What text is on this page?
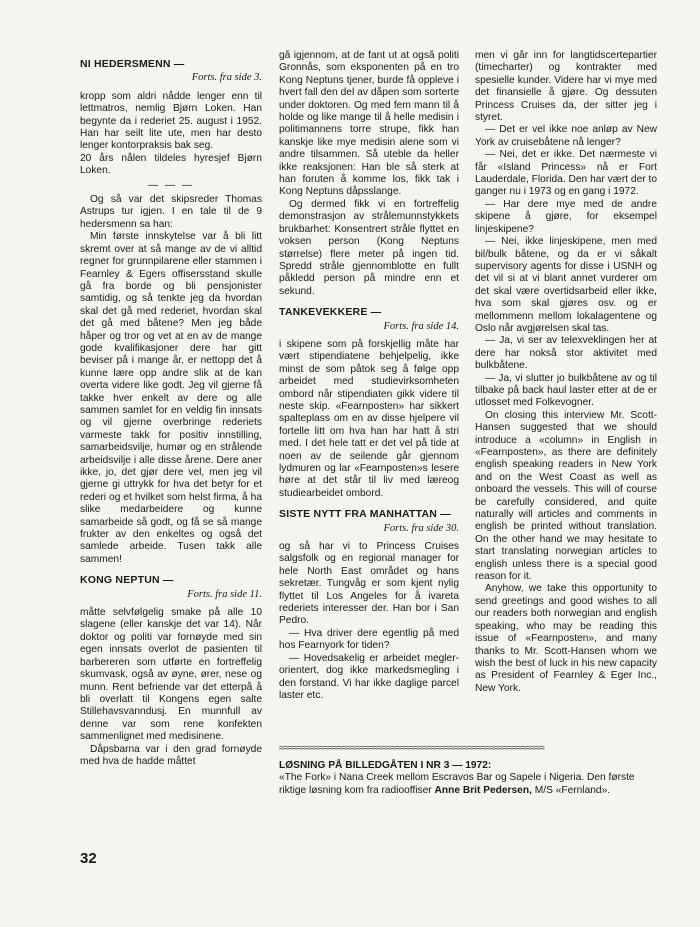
NI HEDERSMENN —
Forts. fra side 3.

kropp som aldri nådde lenger enn til lettmatros, nemlig Bjørn Loken. Han begynte da i rederiet 25. august i 1952. Han har seilt lite ute, men har desto lenger kontorpraksis bak seg.

20 års nålen tildeles hyresjef Bjørn Loken.

— — —

Og så var det skipsreder Thomas Astrups tur igjen. I en tale til de 9 hedersmenn sa han:

Min første innskytelse var å bli litt skremt over at så mange av de vi alltid regner for grunnpilarene eller stammen i Fearnley & Egers offisersstand skulle gå fra borde og bli pensjonister samtidig, og så tenkte jeg da hvordan skal det gå med rederiet, hvordan skal det gå med båtene? Men jeg både håper og tror og vet at en av de mange gode kvalifikasjoner dere har gitt beviser på i mange år, er nettopp det å kunne lære opp andre slik at de kan overta videre like godt. Jeg vil gjerne få takke hver enkelt av dere og alle sammen samlet for en veldig fin innsats og vil gjerne overbringe rederiets varmeste takk for positiv innstilling, samarbeidsvilje, humør og en strålende arbeidsvilje i alle disse årene. Dere aner ikke, jo, det gjør dere vel, men jeg vil gjerne gi uttrykk for hva det betyr for et rederi og et hvilket som helst firma, å ha slike medarbeidere og kunne samarbeide så godt, og få se så mange frukter av den enkeltes og også det samlede arbeide. Tusen takk alle sammen!

KONG NEPTUN —
Forts. fra side 11.

måtte selvfølgelig smake på alle 10 slagene (eller kanskje det var 14). Når doktor og politi var fornøyde med sin egen innsats overlot de pasienten til barbereren som utførte en fortreffelig skumvask, også av øyne, ører, nese og munn. Rent befriende var det etterpå å bli overlatt til Kongens egen salte Stillehavsvanndusj. En munnfull av denne var som rene konfekten sammenlignet med medisinene.

Dåpsbarna var i den grad fornøyde med hva de hadde måttet

gå igjennom, at de fant ut at også politi Gronnås, som eksponenten på en tro Kong Neptuns tjener, burde få oppleve i hvert fall den del av dåpen som sorterte under doktoren. Og med fem mann til å holde og like mange til å helle medisin i politimannens torre strupe, fikk han kanskje like mye medisin alene som vi andre tilsammen. Så uteble da heller ikke reaksjonen: Han ble så sterk at han foruten å komme los, fikk tak i Kong Neptuns dåpsslange.

Og dermed fikk vi en fortreffelig demonstrasjon av strålemunnstykkets brukbarhet: Konsentrert stråle flyttet en voksen person (Kong Neptuns størrelse) flere meter på ingen tid. Spredd stråle gjennomblotte en fullt påkledd person på mindre enn et sekund.

TANKEVEKKERE —
Forts. fra side 14.

i skipene som på forskjellig måte har vært stipendiatene behjelpelig, ikke minst de som påtok seg å følge opp arbeidet med studievirksomheten ombord når stipendiaten gikk videre til neste skip. «Fearnposten» har sikkert spalteplass om en av disse hjelpere vil fortelle litt om hva han har hatt å stri med. I det hele tatt er det vel på tide at noen av de seilende går gjennom lydmuren og lar «Fearnposten»s lesere høre at det står til liv med læreog studiearbeidet ombord.

SISTE NYTT FRA MANHATTAN —
Forts. fra side 30.

og så har vi to Princess Cruises salgsfolk og en regional manager for hele North East området og hans sekretær. Tungvåg er som kjent nylig flyttet til Los Angeles for å ivareta rederiets interesser der. Han bor i San Pedro.

— Hva driver dere egentlig på med hos Fearnyork for tiden?

— Hovedsakelig er arbeidet megler-orientert, dog ikke markedsmegling i den forstand. Vi har ikke daglige parcel laster etc.

men vi går inn for langtidscertepartier (timecharter) og kontrakter med spesielle kunder. Videre har vi mye med det finansielle å gjøre. Og dessuten Princess Cruises da, der sitter jeg i styret.

— Det er vel ikke noe anløp av New York av cruisebåtene nå lenger?

— Nei, det er ikke. Det nærmeste vi får «Island Princess» nå er Fort Lauderdale, Florida. Den har vært der to ganger nu i 1973 og en gang i 1972.

— Har dere mye med de andre skipene å gjøre, for eksempel linjeskipene?

— Nei, ikke linjeskipene, men med bil/bulk båtene, og da er vi såkalt supervisory agents for disse i USNH og det vil si at vi blant annet vurderer om det skal være overtidsarbeid eller ikke, hva som skal gjøres osv. og er mellommenn mellom lokalagentene og Oslo når avgjørelsen skal tas.

— Ja, vi ser av telexveklingen her at dere har nokså stor aktivitet med bulkbåtene.

— Ja, vi slutter jo bulkbåtene av og til tilbake på back haul laster etter at de er utlosset med Folkevogner.

On closing this interview Mr. Scott-Hansen suggested that we should introduce a «column» in English in «Fearnposten», as there are definitely english speaking readers in New York and on the West Coast as well as onboard the vessels. This will of course be carefully considered, and quite naturally will articles and comments in english be printed without translation. On the other hand we may hesitate to start translating norwegian articles to english unless there is a special good reason for it.

Anyhow, we take this opportunity to send greetings and good wishes to all our readers both norwegian and english speaking, who may be reading this issue of «Fearnposten», and many thanks to Mr. Scott-Hansen whom we wish the best of luck in his new capacity as President of Fearnley & Eger Inc., New York.

≈≈≈≈≈≈≈≈≈≈≈≈≈≈≈≈≈≈≈≈≈≈≈≈≈≈≈≈≈≈≈≈≈≈≈≈≈≈≈≈≈≈≈≈≈≈≈≈≈≈≈≈≈≈≈≈≈≈≈

LØSNING PÅ BILLEDGÅTEN I NR 3 — 1972:

«The Fork» i Nana Creek mellom Escravos Bar og Sapele i Nigeria. Den første riktige løsning kom fra radiooffiser Anne Brit Pedersen, M/S «Fernland».

32
